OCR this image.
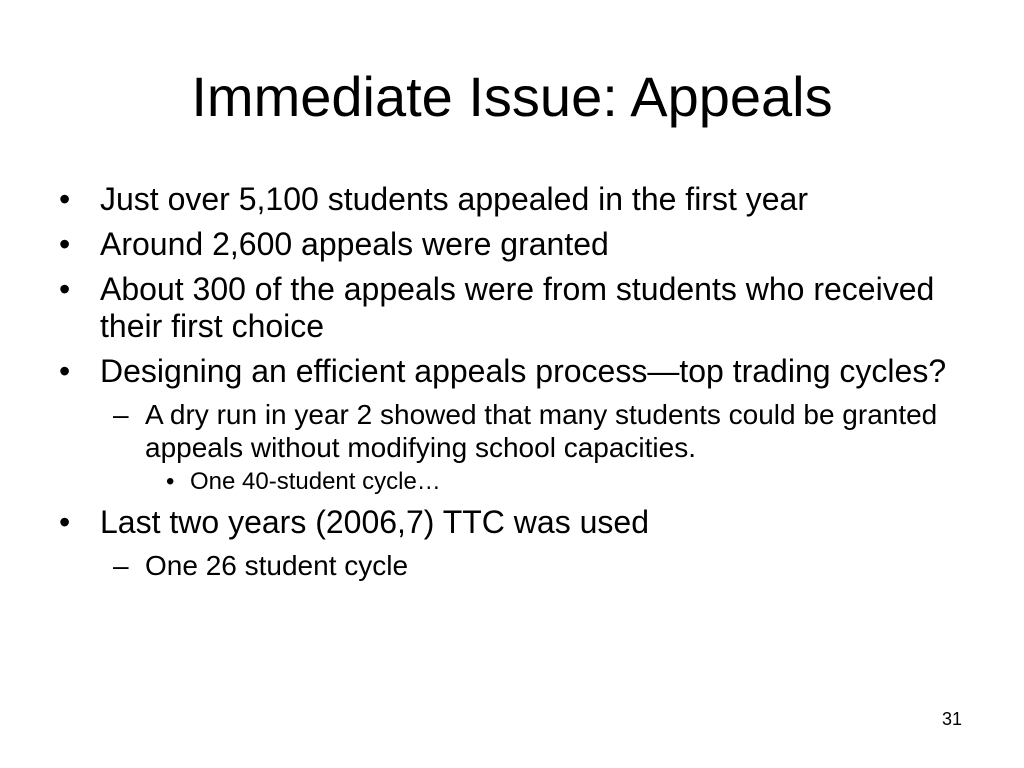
Immediate Issue: Appeals
• Just over 5,100 students appealed in the first year
• Around 2,600 appeals were granted
• About 300 of the appeals were from students who received their first choice
• Designing an efficient appeals process—top trading cycles?
– A dry run in year 2 showed that many students could be granted appeals without modifying school capacities.
• One 40-student cycle…
• Last two years (2006,7) TTC was used
– One 26 student cycle
31
